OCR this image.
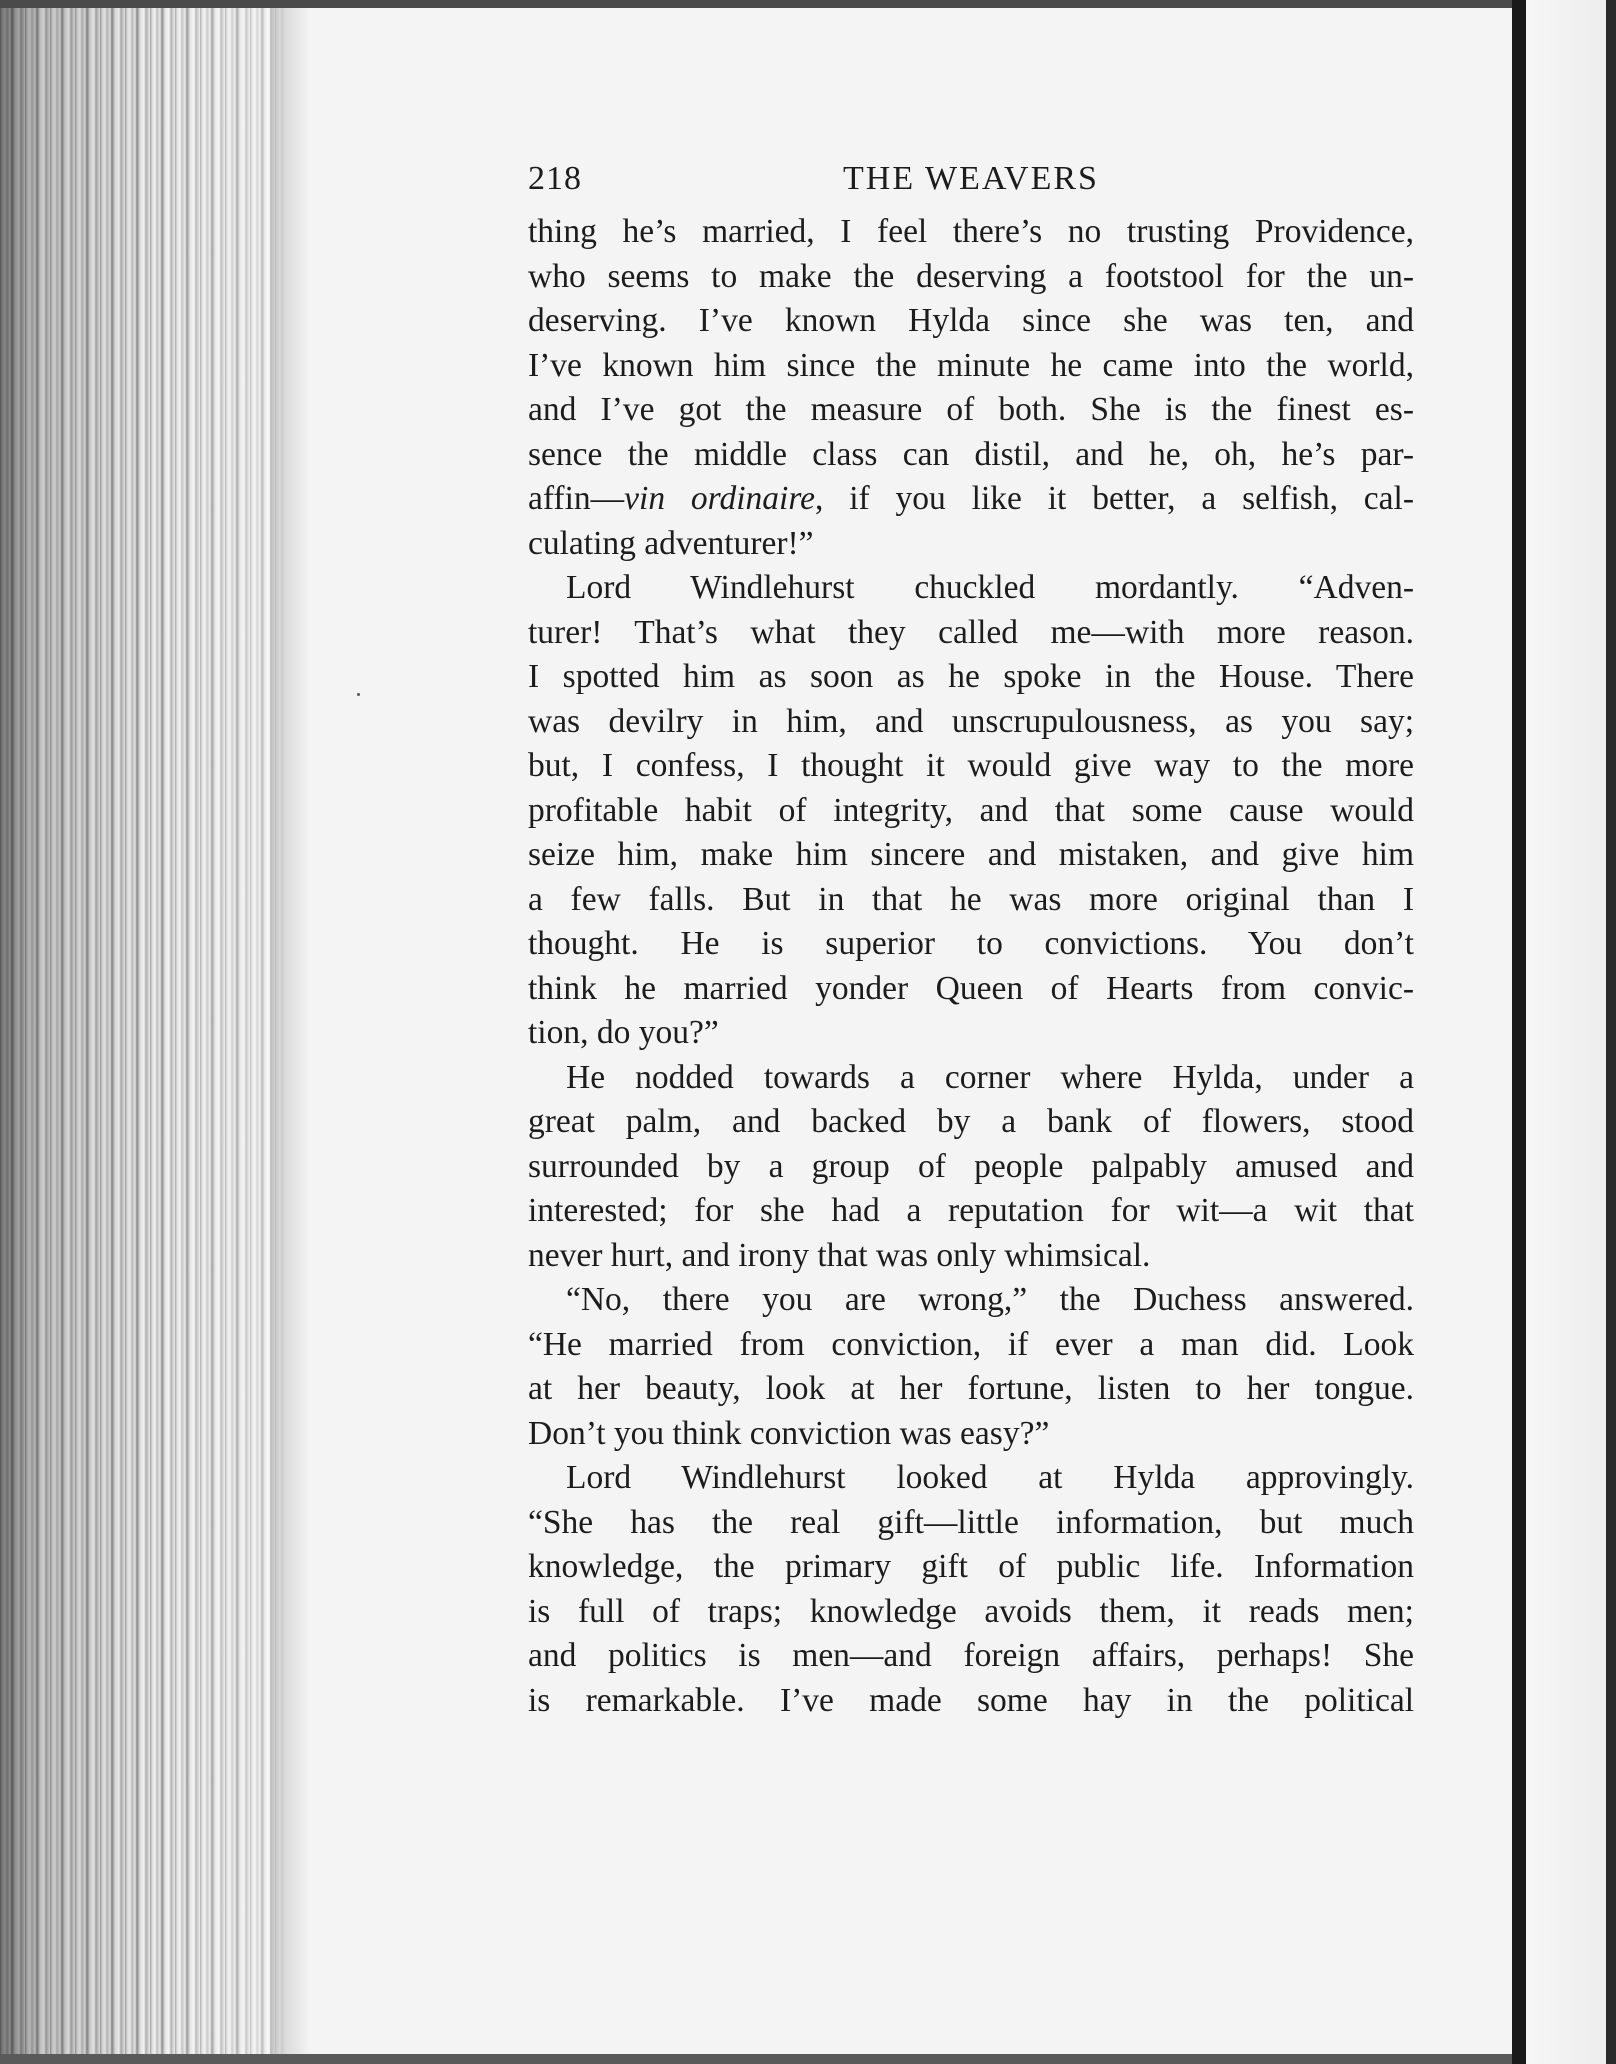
218	THE WEAVERS

thing he’s married, I feel there’s no trusting Providence,
who seems to make the deserving a footstool for the un-
deserving. I’ve known Hylda since she was ten, and
I’ve known him since the minute he came into the world,
and I’ve got the measure of both. She is the finest es-
sence the middle class can distil, and he, oh, he’s par-
affin—vin ordinaire, if you like it better, a selfish, cal-
culating adventurer!”

Lord Windlehurst chuckled mordantly. “Adven-
turer! That’s what they called me—with more reason.
I spotted him as soon as he spoke in the House. There
was devilry in him, and unscrupulousness, as you say;
but, I confess, I thought it would give way to the more
profitable habit of integrity, and that some cause would
seize him, make him sincere and mistaken, and give him
a few falls. But in that he was more original than I
thought. He is superior to convictions. You don’t
think he married yonder Queen of Hearts from convic-
tion, do you?”

He nodded towards a corner where Hylda, under a
great palm, and backed by a bank of flowers, stood
surrounded by a group of people palpably amused and
interested; for she had a reputation for wit—a wit that
never hurt, and irony that was only whimsical.

“No, there you are wrong,” the Duchess answered.
“He married from conviction, if ever a man did. Look
at her beauty, look at her fortune, listen to her tongue.
Don’t you think conviction was easy?”

Lord Windlehurst looked at Hylda approvingly.
“She has the real gift—little information, but much
knowledge, the primary gift of public life. Information
is full of traps; knowledge avoids them, it reads men;
and politics is men—and foreign affairs, perhaps! She
is remarkable. I’ve made some hay in the political
